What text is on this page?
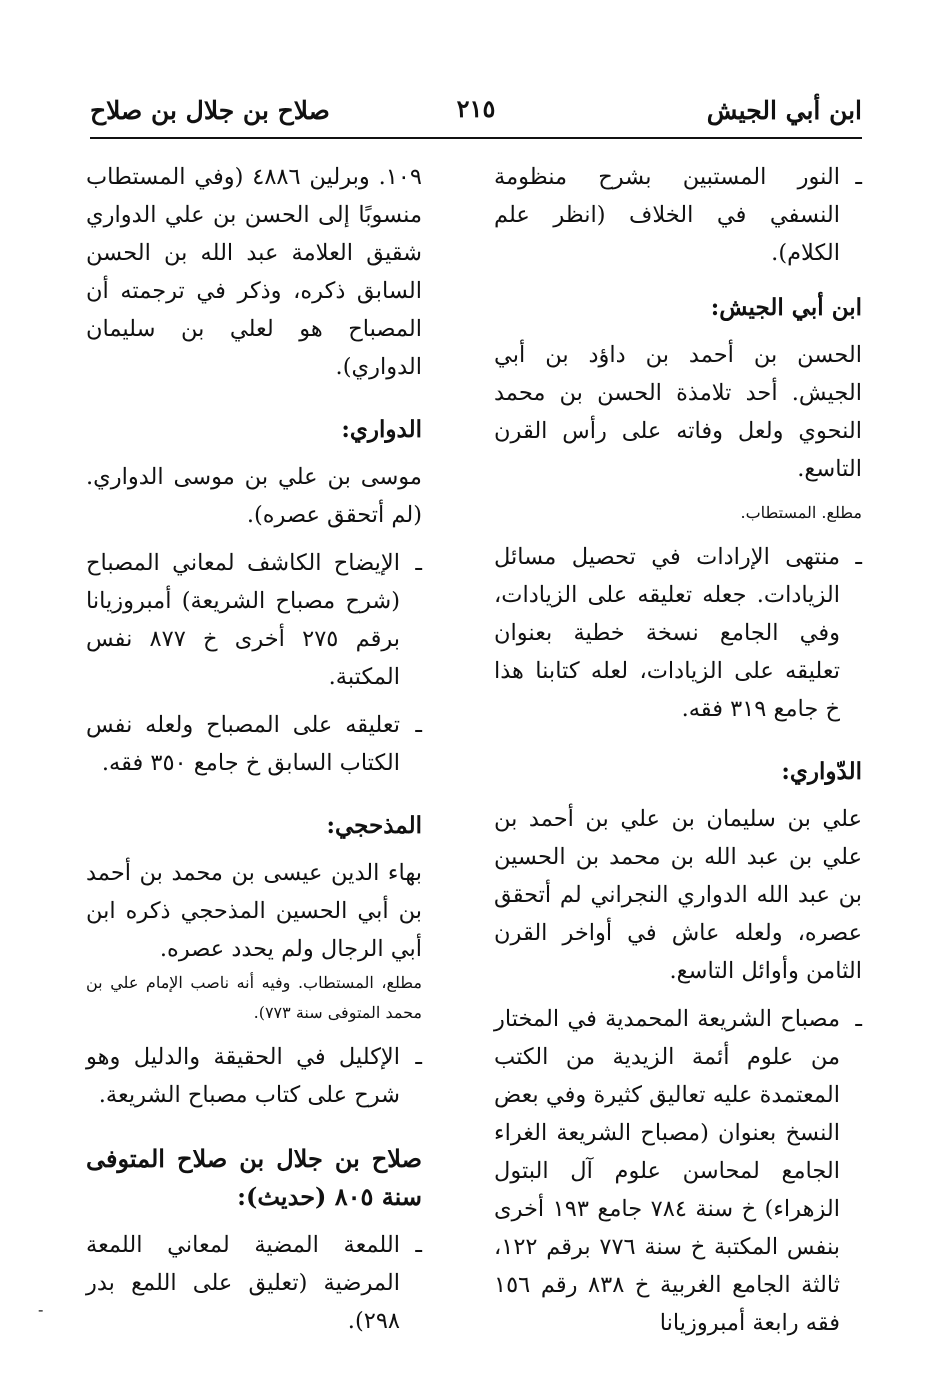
ابن أبي الجيش
٢١٥
صلاح بن جلال بن صلاح

ـ النور المستبين بشرح منظومة النسفي في الخلاف (انظر علم الكلام).

ابن أبي الجيش:

الحسن بن أحمد بن داؤد بن أبي الجيش. أحد تلامذة الحسن بن محمد النحوي ولعل وفاته على رأس القرن التاسع.

مطلع. المستطاب.

ـ منتهى الإرادات في تحصيل مسائل الزيادات. جعله تعليقه على الزيادات، وفي الجامع نسخة خطية بعنوان تعليقه على الزيادات، لعله كتابنا هذا خ جامع ٣١٩ فقه.

الدّواري:

علي بن سليمان بن علي بن أحمد بن علي بن عبد الله بن محمد بن الحسين بن عبد الله الدواري النجراني لم أتحقق عصره، ولعله عاش في أواخر القرن الثامن وأوائل التاسع.

ـ مصباح الشريعة المحمدية في المختار من علوم أئمة الزيدية من الكتب المعتمدة عليه تعاليق كثيرة وفي بعض النسخ بعنوان (مصباح الشريعة الغراء الجامع لمحاسن علوم آل البتول الزهراء) خ سنة ٧٨٤ جامع ١٩٣ أخرى بنفس المكتبة خ سنة ٧٧٦ برقم ١٢٢، ثالثة الجامع الغربية خ ٨٣٨ رقم ١٥٦ فقه رابعة أمبروزيانا

١٠٩. وبرلين ٤٨٨٦ (وفي المستطاب منسوبًا إلى الحسن بن علي الدواري شقيق العلامة عبد الله بن الحسن السابق ذكره، وذكر في ترجمته أن المصباح هو لعلي بن سليمان الدواري).

الدواري:

موسى بن علي بن موسى الدواري. (لم أتحقق عصره).

ـ الإيضاح الكاشف لمعاني المصباح (شرح مصباح الشريعة) أمبروزيانا برقم ٢٧٥ أخرى خ ٨٧٧ نفس المكتبة.

ـ تعليقه على المصباح ولعله نفس الكتاب السابق خ جامع ٣٥٠ فقه.

المذحجي:

بهاء الدين عيسى بن محمد بن أحمد بن أبي الحسين المذحجي ذكره ابن أبي الرجال ولم يحدد عصره.

مطلع، المستطاب. وفيه أنه ناصب الإمام علي بن محمد المتوفى سنة ٧٧٣).

ـ الإكليل في الحقيقة والدليل وهو شرح على كتاب مصباح الشريعة.

صلاح بن جلال بن صلاح المتوفى سنة ٨٠٥ (حديث):

ـ اللمعة المضية لمعاني اللمعة المرضية (تعليق على اللمع بدر ٢٩٨).

-
